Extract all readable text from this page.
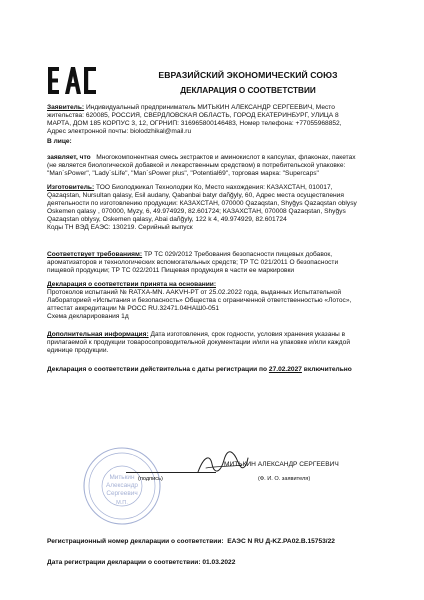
ЕВРАЗИЙСКИЙ ЭКОНОМИЧЕСКИЙ СОЮЗ
ДЕКЛАРАЦИЯ О СООТВЕТСТВИИ
Заявитель: Индивидуальный предприниматель МИТЬКИН АЛЕКСАНДР СЕРГЕЕВИЧ, Место
жительства: 620085, РОССИЯ, СВЕРДЛОВСКАЯ ОБЛАСТЬ, ГОРОД ЕКАТЕРИНБУРГ, УЛИЦА 8
МАРТА, ДОМ 185 КОРПУС 3, 12, ОГРНИП: 316965800146483, Номер телефона: +77055968852,
Адрес электронной почты: biolodzhikal@mail.ru
В лице:
заявляет, что Многокомпонентная смесь экстрактов и аминокислот в капсулах, флаконах, пакетах
(не является биологической добавкой и лекарственным средством) в потребительской упаковке:
"Man`sPower", "Lady`sLife", "Man`sPower plus", "Potential69", торговая марка: "Supercaps"
Изготовитель: ТОО Биолоджикал Технолоджи Ко, Место нахождения: КАЗАХСТАН, 010017,
Qazaqstan, Nursultan qalasy, Esil audany, Qabanbai batyr dañğyly, 60, Адрес места осуществления
деятельности по изготовлению продукции: КАЗАХСТАН, 070000 Qazaqstan, Shyğys Qazaqstan oblysy
Öskemen qalasy , 070000, Myzy, 6, 49.974929, 82.601724; КАЗАХСТАН, 070008 Qazaqstan, Shyğys
Qazaqstan oblysy, Öskemen qalasy, Abai dañğyly, 122 k 4, 49.974929, 82.601724
Коды ТН ВЭД ЕАЭС: 130219. Серийный выпуск
Соответствует требованиям: ТР ТС 029/2012 Требования безопасности пищевых добавок,
ароматизаторов и технологических вспомогательных средств; ТР ТС 021/2011 О безопасности
пищевой продукции; ТР ТС 022/2011 Пищевая продукция в части ее маркировки
Декларация о соответствии принята на основании:
Протоколов испытаний № RATXA-MN. AAKVH-PT от 25.02.2022 года, выданных Испытательной
Лабораторией «Испытания и безопасность» Общества с ограниченной ответственностью «Лотос»,
аттестат аккредитации № РОСС RU.32471.04НАШ0-051
Схема декларирования 1д
Дополнительная информация: Дата изготовления, срок годности, условия хранения указаны в
прилагаемой к продукции товаросопроводительной документации и/или на упаковке и/или каждой
единице продукции.
Декларация о соответствии действительна с даты регистрации по 27.02.2027 включительно
Митькин
Александр
Сергеевич
М.П.
МИТЬКИН АЛЕКСАНДР СЕРГЕЕВИЧ
(подпись)	(Ф. И. О. заявителя)
Регистрационный номер декларации о соответствии: ЕАЭС N RU Д-KZ.PA02.B.15753/22
Дата регистрации декларации о соответствии: 01.03.2022
